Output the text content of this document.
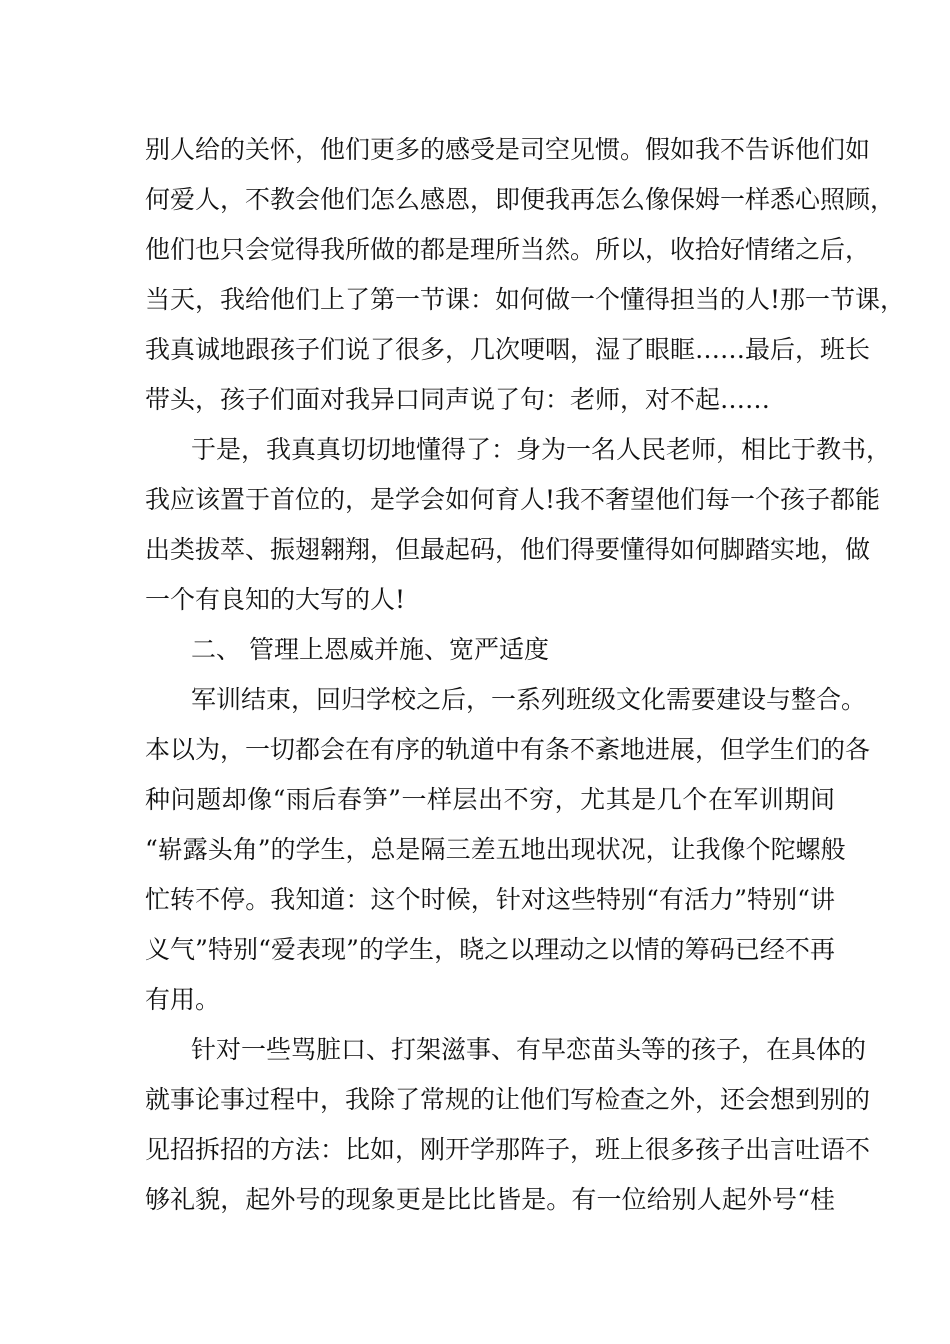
别人给的关怀，他们更多的感受是司空见惯。假如我不告诉他们如
何爱人，不教会他们怎么感恩，即便我再怎么像保姆一样悉心照顾，
他们也只会觉得我所做的都是理所当然。所以，收拾好情绪之后，
当天，我给他们上了第一节课：如何做一个懂得担当的人!那一节课，
我真诚地跟孩子们说了很多，几次哽咽，湿了眼眶……最后，班长
带头，孩子们面对我异口同声说了句：老师，对不起……
于是，我真真切切地懂得了：身为一名人民老师，相比于教书，
我应该置于首位的，是学会如何育人!我不奢望他们每一个孩子都能
出类拔萃、振翅翱翔，但最起码，他们得要懂得如何脚踏实地，做
一个有良知的大写的人!
二、 管理上恩威并施、宽严适度
军训结束，回归学校之后，一系列班级文化需要建设与整合。
本以为，一切都会在有序的轨道中有条不紊地进展，但学生们的各
种问题却像“雨后春笋”一样层出不穷，尤其是几个在军训期间
“崭露头角”的学生，总是隔三差五地出现状况，让我像个陀螺般
忙转不停。我知道：这个时候，针对这些特别“有活力”特别“讲
义气”特别“爱表现”的学生，晓之以理动之以情的筹码已经不再
有用。
针对一些骂脏口、打架滋事、有早恋苗头等的孩子，在具体的
就事论事过程中，我除了常规的让他们写检查之外，还会想到别的
见招拆招的方法：比如，刚开学那阵子，班上很多孩子出言吐语不
够礼貌，起外号的现象更是比比皆是。有一位给别人起外号“桂
